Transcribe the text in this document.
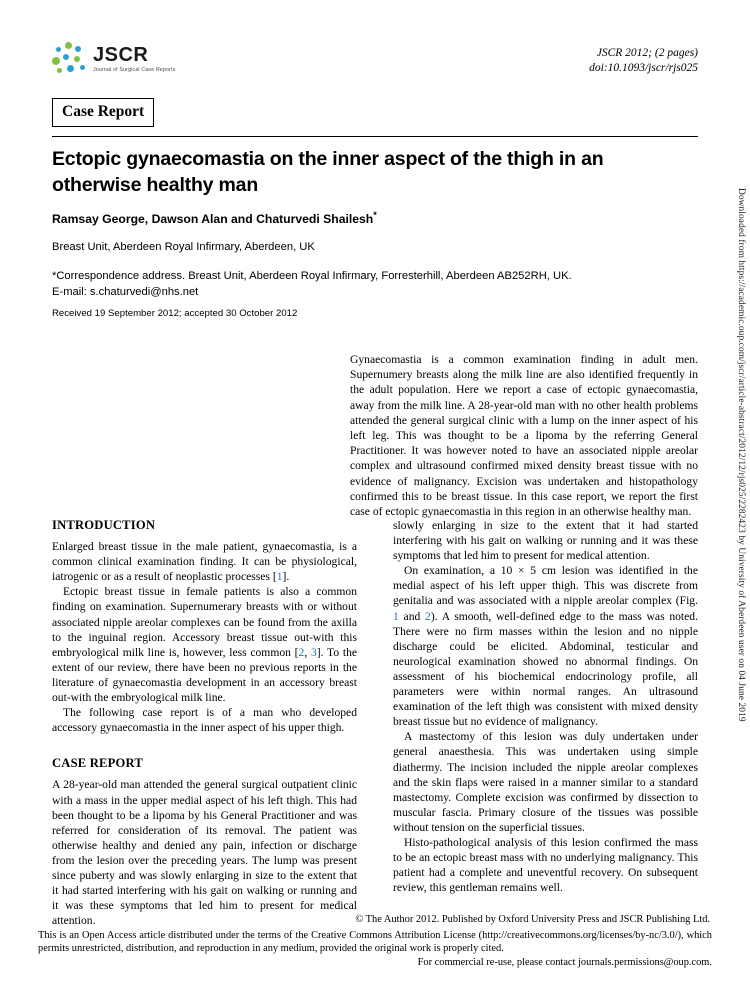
JSCR
Journal of Surgical Case Reports
JSCR 2012; (2 pages)
doi:10.1093/jscr/rjs025
Case Report
Ectopic gynaecomastia on the inner aspect of the thigh in an otherwise healthy man
Ramsay George, Dawson Alan and Chaturvedi Shailesh*
Breast Unit, Aberdeen Royal Infirmary, Aberdeen, UK
*Correspondence address. Breast Unit, Aberdeen Royal Infirmary, Forresterhill, Aberdeen AB252RH, UK.
E-mail: s.chaturvedi@nhs.net
Received 19 September 2012; accepted 30 October 2012
Gynaecomastia is a common examination finding in adult men. Supernumery breasts along the milk line are also identified frequently in the adult population. Here we report a case of ectopic gynaecomastia, away from the milk line. A 28-year-old man with no other health problems attended the general surgical clinic with a lump on the inner aspect of his left leg. This was thought to be a lipoma by the referring General Practitioner. It was however noted to have an associated nipple areolar complex and ultrasound confirmed mixed density breast tissue with no evidence of malignancy. Excision was undertaken and histopathology confirmed this to be breast tissue. In this case report, we report the first case of ectopic gynaecomastia in this region in an otherwise healthy man.
INTRODUCTION

Enlarged breast tissue in the male patient, gynaecomastia, is a common clinical examination finding. It can be physiological, iatrogenic or as a result of neoplastic processes [1].

Ectopic breast tissue in female patients is also a common finding on examination. Supernumerary breasts with or without associated nipple areolar complexes can be found from the axilla to the inguinal region. Accessory breast tissue out-with this embryological milk line is, however, less common [2, 3]. To the extent of our review, there have been no previous reports in the literature of gynaecomastia development in an accessory breast out-with the embryological milk line.

The following case report is of a man who developed accessory gynaecomastia in the inner aspect of his upper thigh.

CASE REPORT

A 28-year-old man attended the general surgical outpatient clinic with a mass in the upper medial aspect of his left thigh. This had been thought to be a lipoma by his General Practitioner and was referred for consideration of its removal. The patient was otherwise healthy and denied any pain, infection or discharge from the lesion over the preceding years. The lump was present since puberty and was slowly enlarging in size to the extent that it had started interfering with his gait on walking or running and it was these symptoms that led him to present for medical attention.

slowly enlarging in size to the extent that it had started interfering with his gait on walking or running and it was these symptoms that led him to present for medical attention.

On examination, a 10 × 5 cm lesion was identified in the medial aspect of his left upper thigh. This was discrete from genitalia and was associated with a nipple areolar complex (Fig. 1 and 2). A smooth, well-defined edge to the mass was noted. There were no firm masses within the lesion and no nipple discharge could be elicited. Abdominal, testicular and neurological examination showed no abnormal findings. On assessment of his biochemical endocrinology profile, all parameters were within normal ranges. An ultrasound examination of the left thigh was consistent with mixed density breast tissue but no evidence of malignancy.

A mastectomy of this lesion was duly undertaken under general anaesthesia. This was undertaken using simple diathermy. The incision included the nipple areolar complexes and the skin flaps were raised in a manner similar to a standard mastectomy. Complete excision was confirmed by dissection to muscular fascia. Primary closure of the tissues was possible without tension on the superficial tissues.

Histo-pathological analysis of this lesion confirmed the mass to be an ectopic breast mass with no underlying malignancy. This patient had a complete and uneventful recovery. On subsequent review, this gentleman remains well.

© The Author 2012. Published by Oxford University Press and JSCR Publishing Ltd.
This is an Open Access article distributed under the terms of the Creative Commons Attribution License (http://creativecommons.org/licenses/by-nc/3.0/), which permits unrestricted, distribution, and reproduction in any medium, provided the original work is properly cited.
For commercial re-use, please contact journals.permissions@oup.com.
Downloaded from https://academic.oup.com/jscr/article-abstract/2012/12/rjs025/2282423 by University of Aberdeen user on 04 June 2019
